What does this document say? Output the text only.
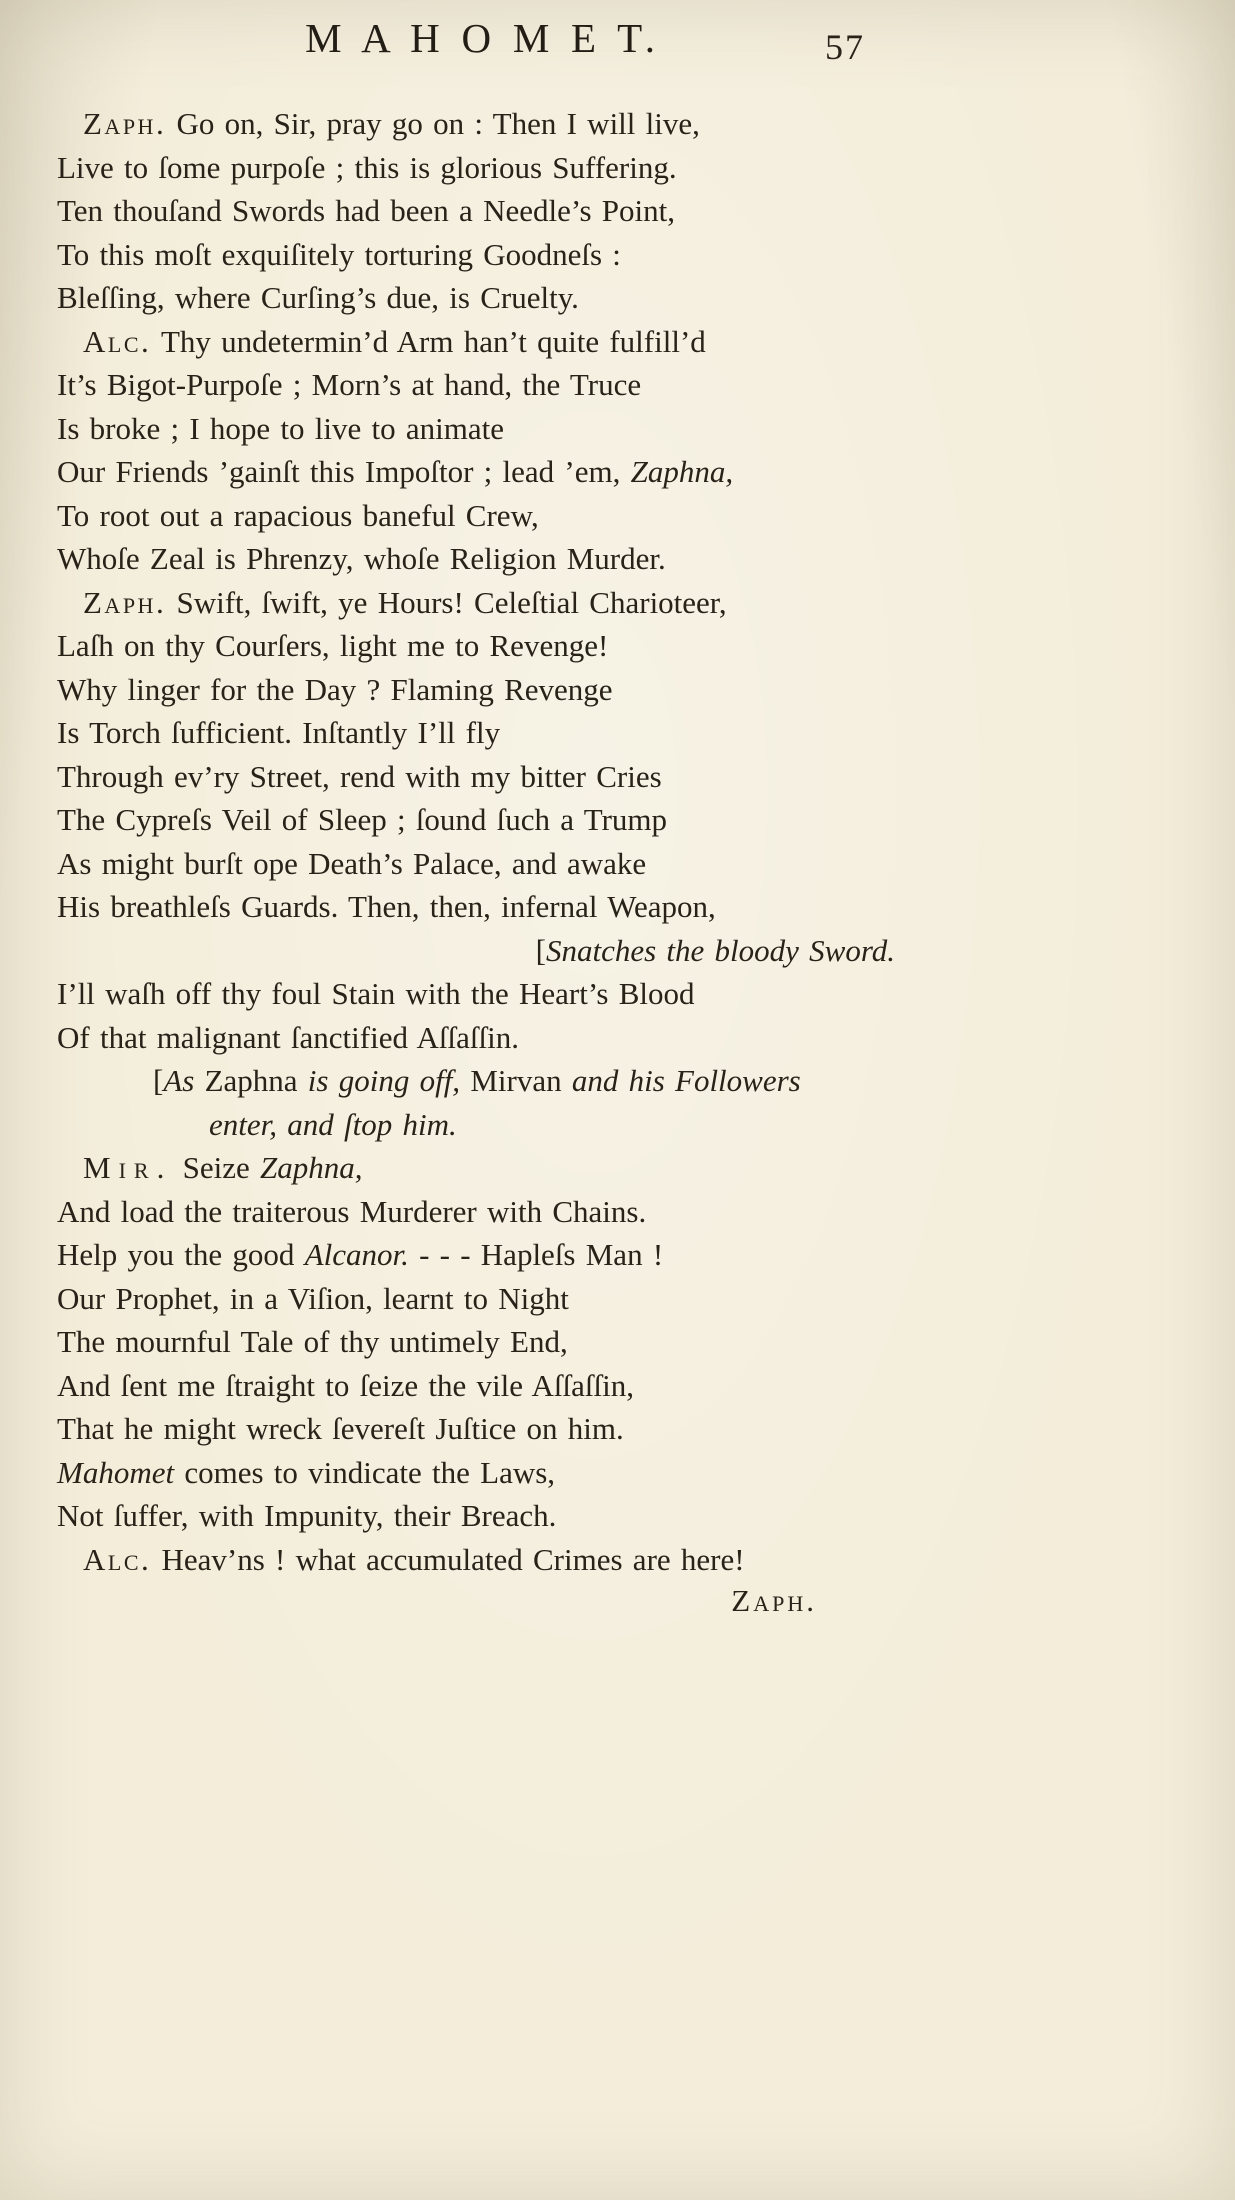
M A H O M E T.	57
Zaph. Go on, Sir, pray go on : Then I will live,
Live to ſome purpoſe ; this is glorious Suffering.
Ten thouſand Swords had been a Needle’s Point,
To this moſt exquiſitely torturing Goodneſs :
Bleſſing, where Curſing’s due, is Cruelty.
Alc. Thy undetermin’d Arm han’t quite fulfill’d
It’s Bigot-Purpoſe ; Morn’s at hand, the Truce
Is broke ; I hope to live to animate
Our Friends ’gainſt this Impoſtor ; lead ’em, Zaphna,
To root out a rapacious baneful Crew,
Whoſe Zeal is Phrenzy, whoſe Religion Murder.
Zaph. Swift, ſwift, ye Hours! Celeſtial Charioteer,
Laſh on thy Courſers, light me to Revenge!
Why linger for the Day ? Flaming Revenge
Is Torch ſufficient. Inſtantly I’ll fly
Through ev’ry Street, rend with my bitter Cries
The Cypreſs Veil of Sleep ; ſound ſuch a Trump
As might burſt ope Death’s Palace, and awake
His breathleſs Guards. Then, then, infernal Weapon,
[Snatches the bloody Sword.
I’ll waſh off thy foul Stain with the Heart’s Blood
Of that malignant ſanctified Aſſaſſin.
[As Zaphna is going off, Mirvan and his Followers
enter, and ſtop him.
Mir. Seize Zaphna,
And load the traiterous Murderer with Chains.
Help you the good Alcanor. - - - Hapleſs Man !
Our Prophet, in a Viſion, learnt to Night
The mournful Tale of thy untimely End,
And ſent me ſtraight to ſeize the vile Aſſaſſin,
That he might wreck ſevereſt Juſtice on him.
Mahomet comes to vindicate the Laws,
Not ſuffer, with Impunity, their Breach.
Alc. Heav’ns ! what accumulated Crimes are here!
Zaph.
